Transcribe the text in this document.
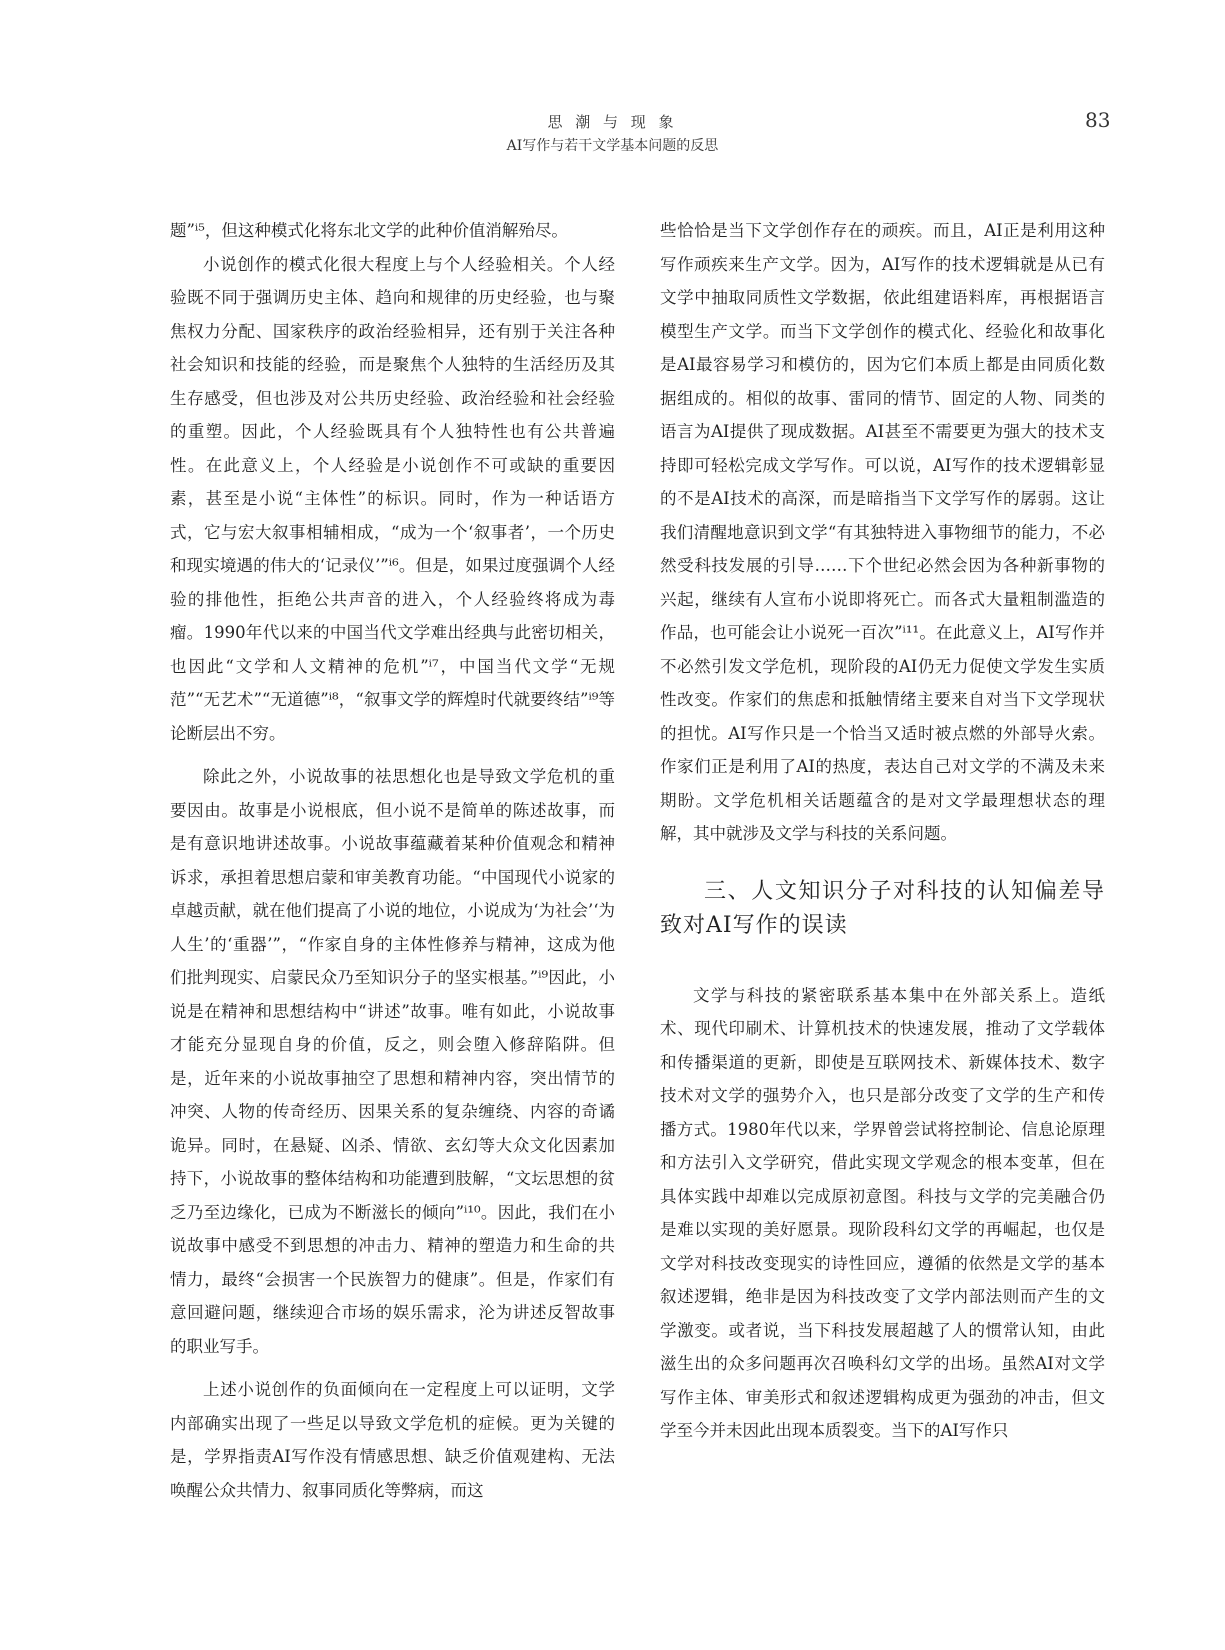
思 潮 与 现 象
AI写作与若干文学基本问题的反思
83

题”ⁱ⁵，但这种模式化将东北文学的此种价值消解殆尽。

小说创作的模式化很大程度上与个人经验相关。个人经验既不同于强调历史主体、趋向和规律的历史经验，也与聚焦权力分配、国家秩序的政治经验相异，还有别于关注各种社会知识和技能的经验，而是聚焦个人独特的生活经历及其生存感受，但也涉及对公共历史经验、政治经验和社会经验的重塑。因此，个人经验既具有个人独特性也有公共普遍性。在此意义上，个人经验是小说创作不可或缺的重要因素，甚至是小说“主体性”的标识。同时，作为一种话语方式，它与宏大叙事相辅相成，“成为一个‘叙事者’，一个历史和现实境遇的伟大的‘记录仪’”ⁱ⁶。但是，如果过度强调个人经验的排他性，拒绝公共声音的进入，个人经验终将成为毒瘤。1990年代以来的中国当代文学难出经典与此密切相关，也因此“文学和人文精神的危机”ⁱ⁷，中国当代文学“无规范”“无艺术”“无道德”ⁱ⁸，“叙事文学的辉煌时代就要终结”ⁱ⁹等论断层出不穷。

除此之外，小说故事的祛思想化也是导致文学危机的重要因由。故事是小说根底，但小说不是简单的陈述故事，而是有意识地讲述故事。小说故事蕴藏着某种价值观念和精神诉求，承担着思想启蒙和审美教育功能。“中国现代小说家的卓越贡献，就在他们提高了小说的地位，小说成为‘为社会’‘为人生’的‘重器’”，“作家自身的主体性修养与精神，这成为他们批判现实、启蒙民众乃至知识分子的坚实根基。”ⁱ⁹因此，小说是在精神和思想结构中“讲述”故事。唯有如此，小说故事才能充分显现自身的价值，反之，则会堕入修辞陷阱。但是，近年来的小说故事抽空了思想和精神内容，突出情节的冲突、人物的传奇经历、因果关系的复杂缠绕、内容的奇谲诡异。同时，在悬疑、凶杀、情欲、玄幻等大众文化因素加持下，小说故事的整体结构和功能遭到肢解，“文坛思想的贫乏乃至边缘化，已成为不断滋长的倾向”ⁱ¹⁰。因此，我们在小说故事中感受不到思想的冲击力、精神的塑造力和生命的共情力，最终“会损害一个民族智力的健康”。但是，作家们有意回避问题，继续迎合市场的娱乐需求，沦为讲述反智故事的职业写手。

上述小说创作的负面倾向在一定程度上可以证明，文学内部确实出现了一些足以导致文学危机的症候。更为关键的是，学界指责AI写作没有情感思想、缺乏价值观建构、无法唤醒公众共情力、叙事同质化等弊病，而这

些恰恰是当下文学创作存在的顽疾。而且，AI正是利用这种写作顽疾来生产文学。因为，AI写作的技术逻辑就是从已有文学中抽取同质性文学数据，依此组建语料库，再根据语言模型生产文学。而当下文学创作的模式化、经验化和故事化是AI最容易学习和模仿的，因为它们本质上都是由同质化数据组成的。相似的故事、雷同的情节、固定的人物、同类的语言为AI提供了现成数据。AI甚至不需要更为强大的技术支持即可轻松完成文学写作。可以说，AI写作的技术逻辑彰显的不是AI技术的高深，而是暗指当下文学写作的孱弱。这让我们清醒地意识到文学“有其独特进入事物细节的能力，不必然受科技发展的引导……下个世纪必然会因为各种新事物的兴起，继续有人宣布小说即将死亡。而各式大量粗制滥造的作品，也可能会让小说死一百次”ⁱ¹¹。在此意义上，AI写作并不必然引发文学危机，现阶段的AI仍无力促使文学发生实质性改变。作家们的焦虑和抵触情绪主要来自对当下文学现状的担忧。AI写作只是一个恰当又适时被点燃的外部导火索。作家们正是利用了AI的热度，表达自己对文学的不满及未来期盼。文学危机相关话题蕴含的是对文学最理想状态的理解，其中就涉及文学与科技的关系问题。

三、人文知识分子对科技的认知偏差导致对AI写作的误读

文学与科技的紧密联系基本集中在外部关系上。造纸术、现代印刷术、计算机技术的快速发展，推动了文学载体和传播渠道的更新，即使是互联网技术、新媒体技术、数字技术对文学的强势介入，也只是部分改变了文学的生产和传播方式。1980年代以来，学界曾尝试将控制论、信息论原理和方法引入文学研究，借此实现文学观念的根本变革，但在具体实践中却难以完成原初意图。科技与文学的完美融合仍是难以实现的美好愿景。现阶段科幻文学的再崛起，也仅是文学对科技改变现实的诗性回应，遵循的依然是文学的基本叙述逻辑，绝非是因为科技改变了文学内部法则而产生的文学激变。或者说，当下科技发展超越了人的惯常认知，由此滋生出的众多问题再次召唤科幻文学的出场。虽然AI对文学写作主体、审美形式和叙述逻辑构成更为强劲的冲击，但文学至今并未因此出现本质裂变。当下的AI写作只
